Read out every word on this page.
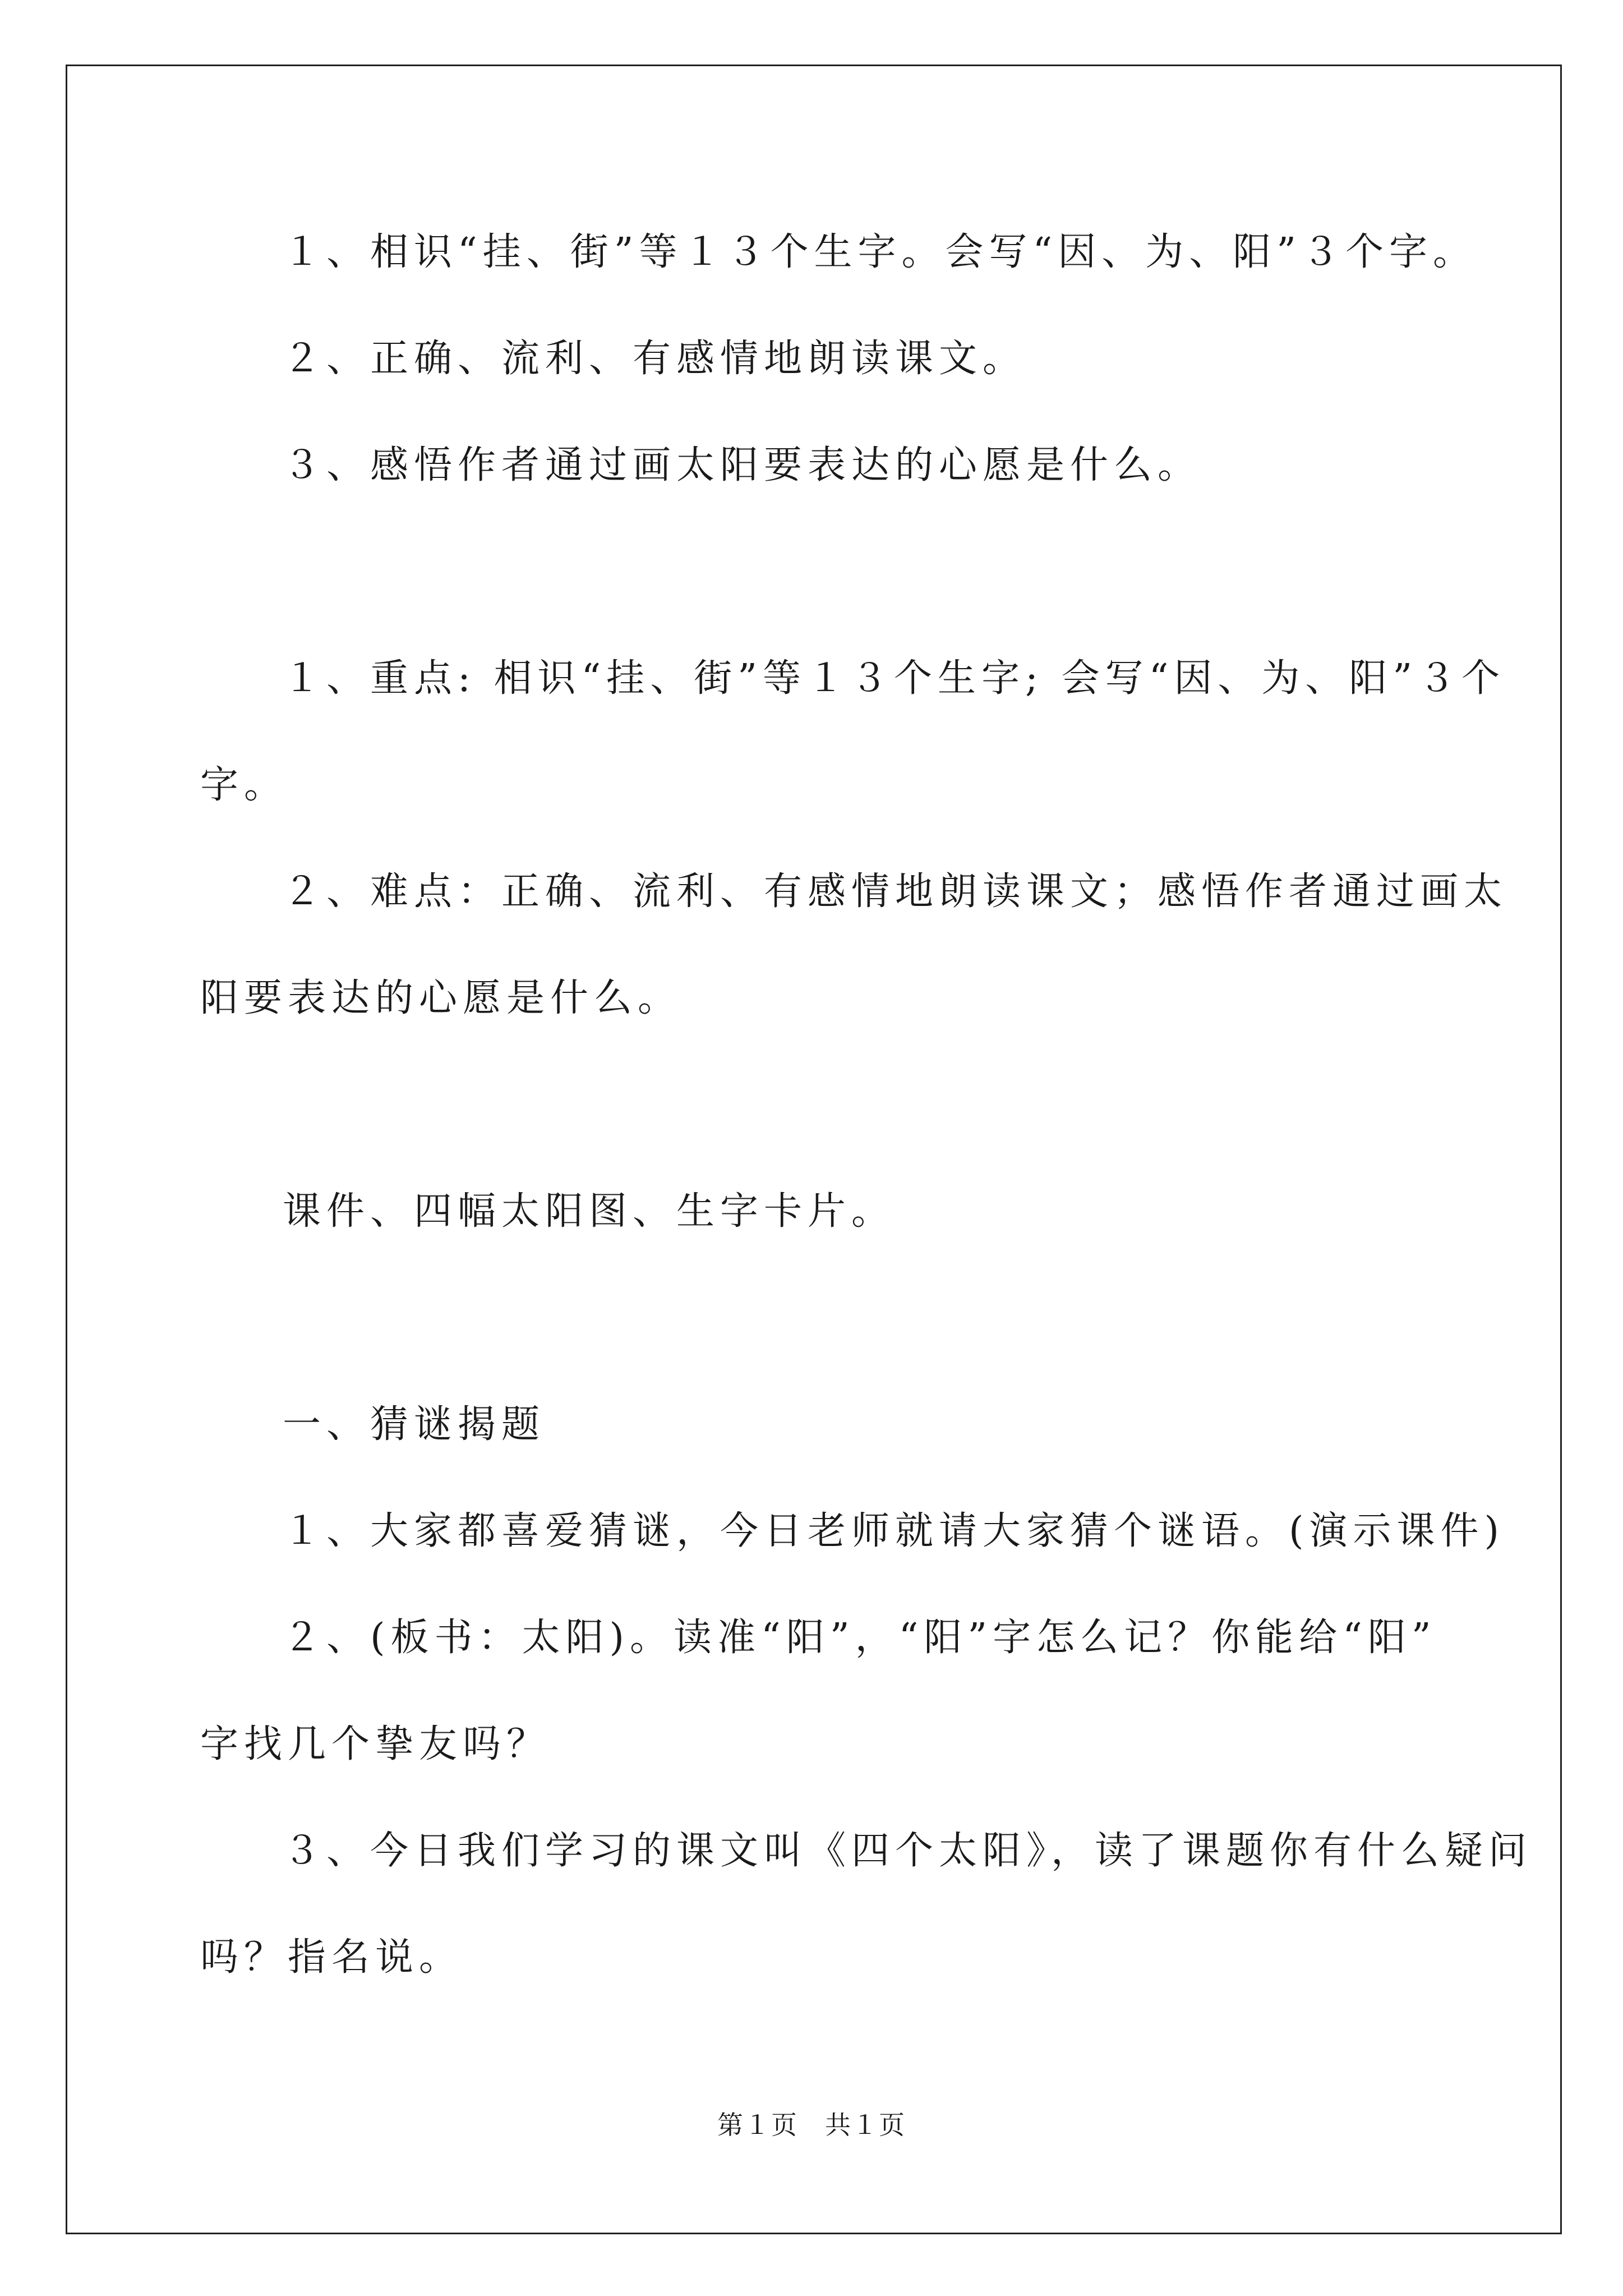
１、相识“挂、街”等１３个生字。会写“因、为、阳”３个字。
２、正确、流利、有感情地朗读课文。
３、感悟作者通过画太阳要表达的心愿是什么。
１、重点: 相识“挂、街”等１３个生字; 会写“因、为、阳”３个
字。
２、难点：正确、流利、有感情地朗读课文；感悟作者通过画太
阳要表达的心愿是什么。
课件、四幅太阳图、生字卡片。
一、猜谜揭题
１、大家都喜爱猜谜，今日老师就请大家猜个谜语。(演示课件)
２、(板书：太阳)。读准“阳”，“阳”字怎么记？你能给“阳”
字找几个挚友吗？
３、今日我们学习的课文叫《四个太阳》，读了课题你有什么疑问
吗？指名说。
第１页　共１页
